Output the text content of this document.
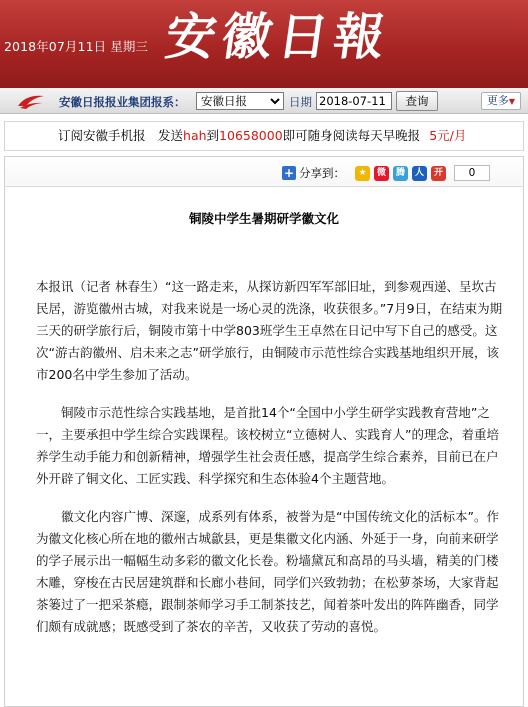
2018年07月11日 星期三 安徽日報
安徽日报报业集团报系：
安徽日报	日期
2018-07-11	查询	更多▼
订阅安徽手机报　发送hah到10658000即可随身阅读每天早晚报 5元/月
+ 分享到：	★	微	腾	人	开	0
铜陵中学生暑期研学徽文化

本报讯（记者 林春生）“这一路走来，从探访新四军军部旧址，到参观西递、呈坎古民居，游览徽州古城，对我来说是一场心灵的洗涤，收获很多。”7月9日，在结束为期三天的研学旅行后，铜陵市第十中学803班学生王卓然在日记中写下自己的感受。这次“游古韵徽州、启未来之志”研学旅行，由铜陵市示范性综合实践基地组织开展，该市200名中学生参加了活动。

铜陵市示范性综合实践基地，是首批14个“全国中小学生研学实践教育营地”之一，主要承担中学生综合实践课程。该校树立“立德树人、实践育人”的理念，着重培养学生动手能力和创新精神，增强学生社会责任感，提高学生综合素养，目前已在户外开辟了铜文化、工匠实践、科学探究和生态体验4个主题营地。

徽文化内容广博、深邃，成系列有体系，被誉为是“中国传统文化的活标本”。作为徽文化核心所在地的徽州古城歙县，更是集徽文化内涵、外延于一身，向前来研学的学子展示出一幅幅生动多彩的徽文化长卷。粉墙黛瓦和高昂的马头墙，精美的门楼木雕，穿梭在古民居建筑群和长廊小巷间，同学们兴致勃勃；在松萝茶场，大家背起茶篓过了一把采茶瘾，跟制茶师学习手工制茶技艺，闻着茶叶发出的阵阵幽香，同学们颇有成就感；既感受到了茶农的辛苦，又收获了劳动的喜悦。
